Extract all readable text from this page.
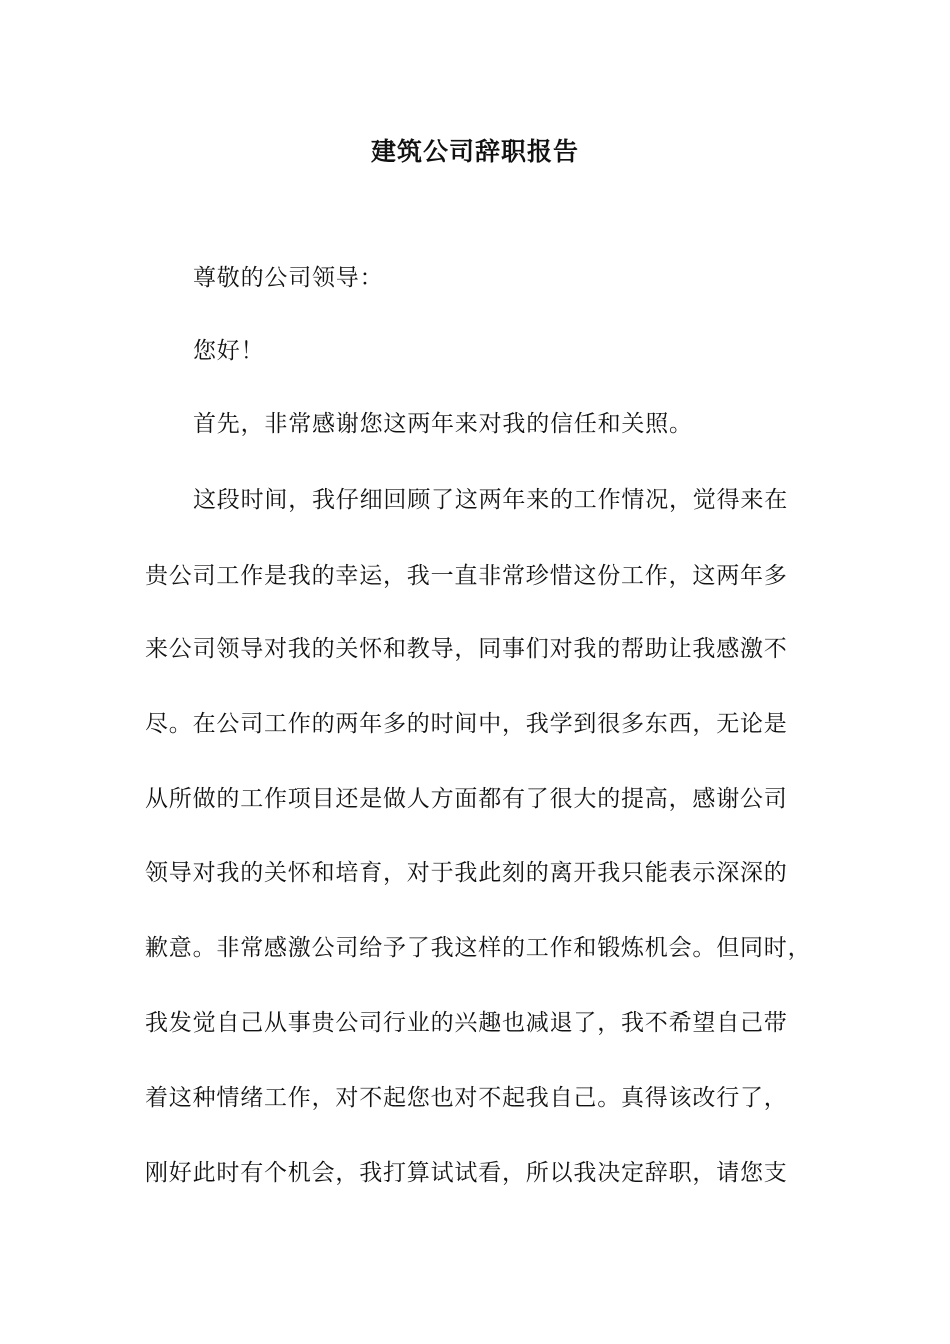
建筑公司辞职报告
尊敬的公司领导：
您好！
首先，非常感谢您这两年来对我的信任和关照。
这段时间，我仔细回顾了这两年来的工作情况，觉得来在
贵公司工作是我的幸运，我一直非常珍惜这份工作，这两年多
来公司领导对我的关怀和教导，同事们对我的帮助让我感激不
尽。在公司工作的两年多的时间中，我学到很多东西，无论是
从所做的工作项目还是做人方面都有了很大的提高，感谢公司
领导对我的关怀和培育，对于我此刻的离开我只能表示深深的
歉意。非常感激公司给予了我这样的工作和锻炼机会。但同时，
我发觉自己从事贵公司行业的兴趣也减退了，我不希望自己带
着这种情绪工作，对不起您也对不起我自己。真得该改行了，
刚好此时有个机会，我打算试试看，所以我决定辞职，请您支
